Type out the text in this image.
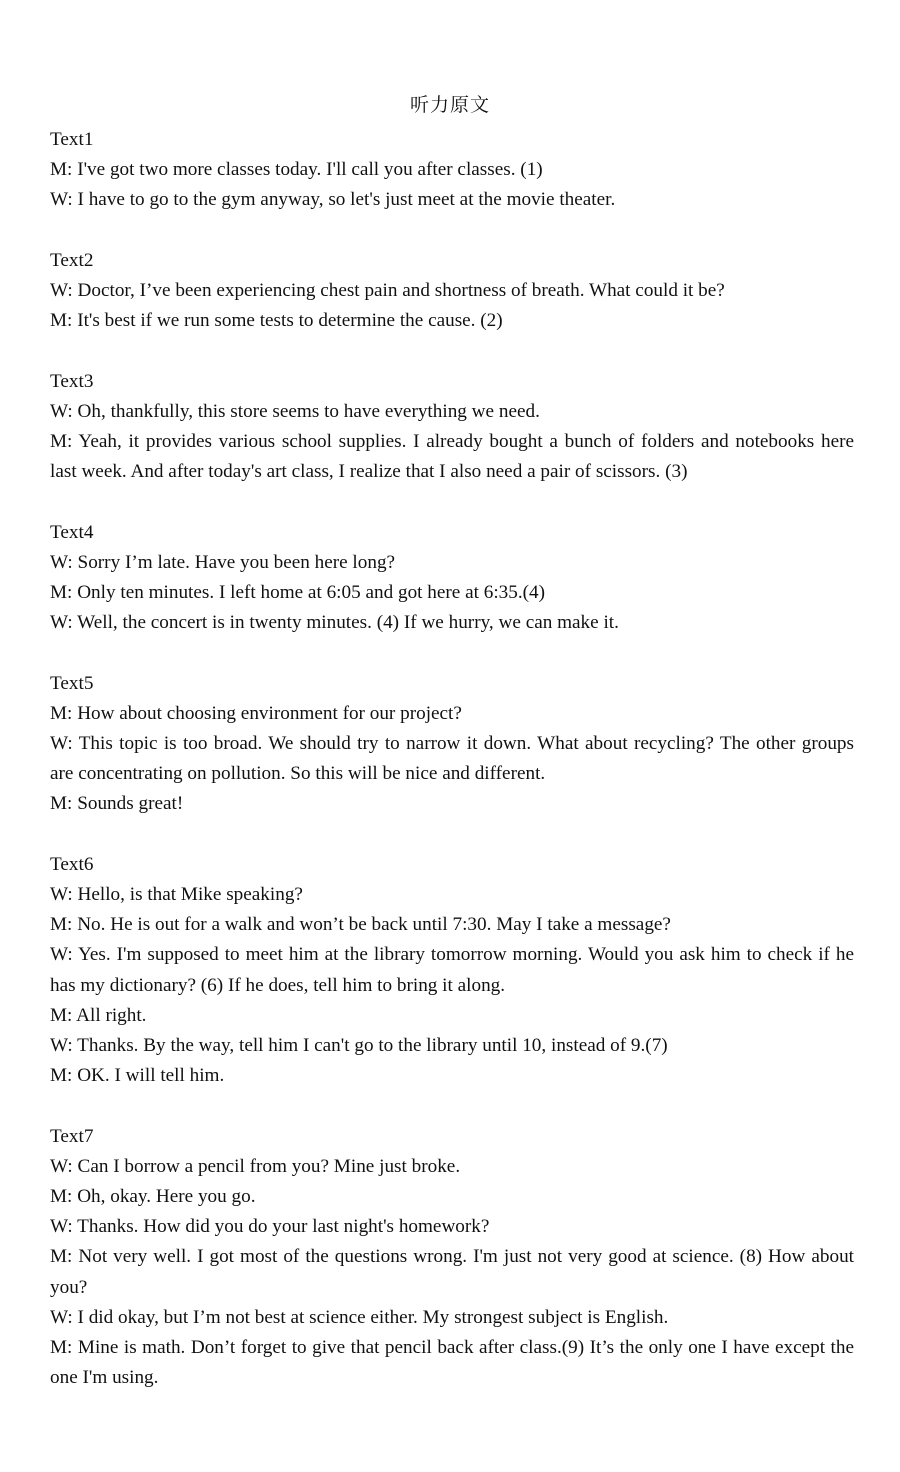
听力原文

Text1

M: I've got two more classes today. I'll call you after classes. (1)

W: I have to go to the gym anyway, so let's just meet at the movie theater.

Text2

W: Doctor, I’ve been experiencing chest pain and shortness of breath. What could it be?

M: It's best if we run some tests to determine the cause. (2)

Text3

W: Oh, thankfully, this store seems to have everything we need.

M: Yeah, it provides various school supplies. I already bought a bunch of folders and notebooks here last week. And after today's art class, I realize that I also need a pair of scissors. (3)

Text4

W: Sorry I’m late. Have you been here long?

M: Only ten minutes. I left home at 6:05 and got here at 6:35.(4)

W: Well, the concert is in twenty minutes. (4) If we hurry, we can make it.

Text5

M: How about choosing environment for our project?

W: This topic is too broad. We should try to narrow it down. What about recycling? The other groups are concentrating on pollution. So this will be nice and different.

M: Sounds great!

Text6

W: Hello, is that Mike speaking?

M: No. He is out for a walk and won’t be back until 7:30. May I take a message?

W: Yes. I'm supposed to meet him at the library tomorrow morning. Would you ask him to check if he has my dictionary? (6) If he does, tell him to bring it along.

M: All right.

W: Thanks. By the way, tell him I can't go to the library until 10, instead of 9.(7)

M: OK. I will tell him.

Text7

W: Can I borrow a pencil from you? Mine just broke.

M: Oh, okay. Here you go.

W: Thanks. How did you do your last night's homework?

M: Not very well. I got most of the questions wrong. I'm just not very good at science. (8) How about you?

W: I did okay, but I’m not best at science either. My strongest subject is English.

M: Mine is math. Don’t forget to give that pencil back after class.(9) It’s the only one I have except the one I'm using.
